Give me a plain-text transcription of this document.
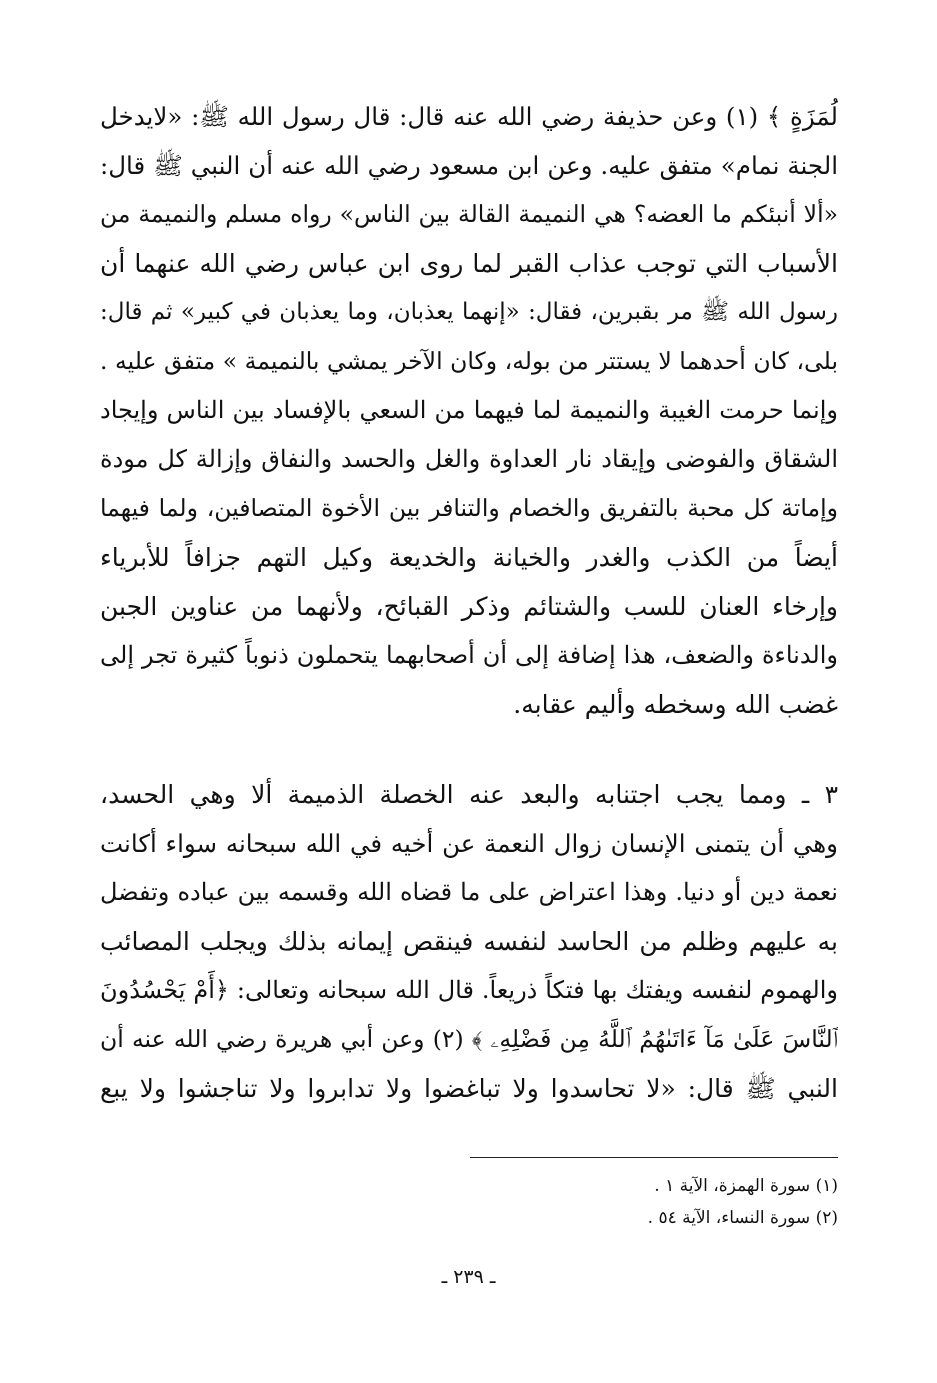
لُمَزَةٍ ﴾ (١) وعن حذيفة رضي الله عنه قال: قال رسول الله ﷺ: «لايدخل
الجنة نمام» متفق عليه. وعن ابن مسعود رضي الله عنه أن النبي ﷺ قال:
«ألا أنبئكم ما العضه؟ هي النميمة القالة بين الناس» رواه مسلم والنميمة من
الأسباب التي توجب عذاب القبر لما روى ابن عباس رضي الله عنهما أن
رسول الله ﷺ مر بقبرين، فقال: «إنهما يعذبان، وما يعذبان في كبير» ثم قال:
بلى، كان أحدهما لا يستتر من بوله، وكان الآخر يمشي بالنميمة » متفق عليه .
وإنما حرمت الغيبة والنميمة لما فيهما من السعي بالإفساد بين الناس وإيجاد
الشقاق والفوضى وإيقاد نار العداوة والغل والحسد والنفاق وإزالة كل مودة
وإماتة كل محبة بالتفريق والخصام والتنافر بين الأخوة المتصافين، ولما فيهما
أيضاً من الكذب والغدر والخيانة والخديعة وكيل التهم جزافاً للأبرياء
وإرخاء العنان للسب والشتائم وذكر القبائح، ولأنهما من عناوين الجبن
والدناءة والضعف، هذا إضافة إلى أن أصحابهما يتحملون ذنوباً كثيرة تجر إلى
غضب الله وسخطه وأليم عقابه.
٣ ـ ومما يجب اجتنابه والبعد عنه الخصلة الذميمة ألا وهي الحسد،
وهي أن يتمنى الإنسان زوال النعمة عن أخيه في الله سبحانه سواء أكانت
نعمة دين أو دنيا. وهذا اعتراض على ما قضاه الله وقسمه بين عباده وتفضل
به عليهم وظلم من الحاسد لنفسه فينقص إيمانه بذلك ويجلب المصائب
والهموم لنفسه ويفتك بها فتكاً ذريعاً. قال الله سبحانه وتعالى: ﴿أَمْ يَحْسُدُونَ
ٱلنَّاسَ عَلَىٰ مَآ ءَاتَىٰهُمُ ٱللَّهُ مِن فَضْلِهِۦ ﴾ (٢) وعن أبي هريرة رضي الله عنه أن
النبي ﷺ قال: «لا تحاسدوا ولا تباغضوا ولا تدابروا ولا تناجشوا ولا يبع
(١) سورة الهمزة، الآية ١ .
(٢) سورة النساء، الآية ٥٤ .
ـ ٢٣٩ ـ
